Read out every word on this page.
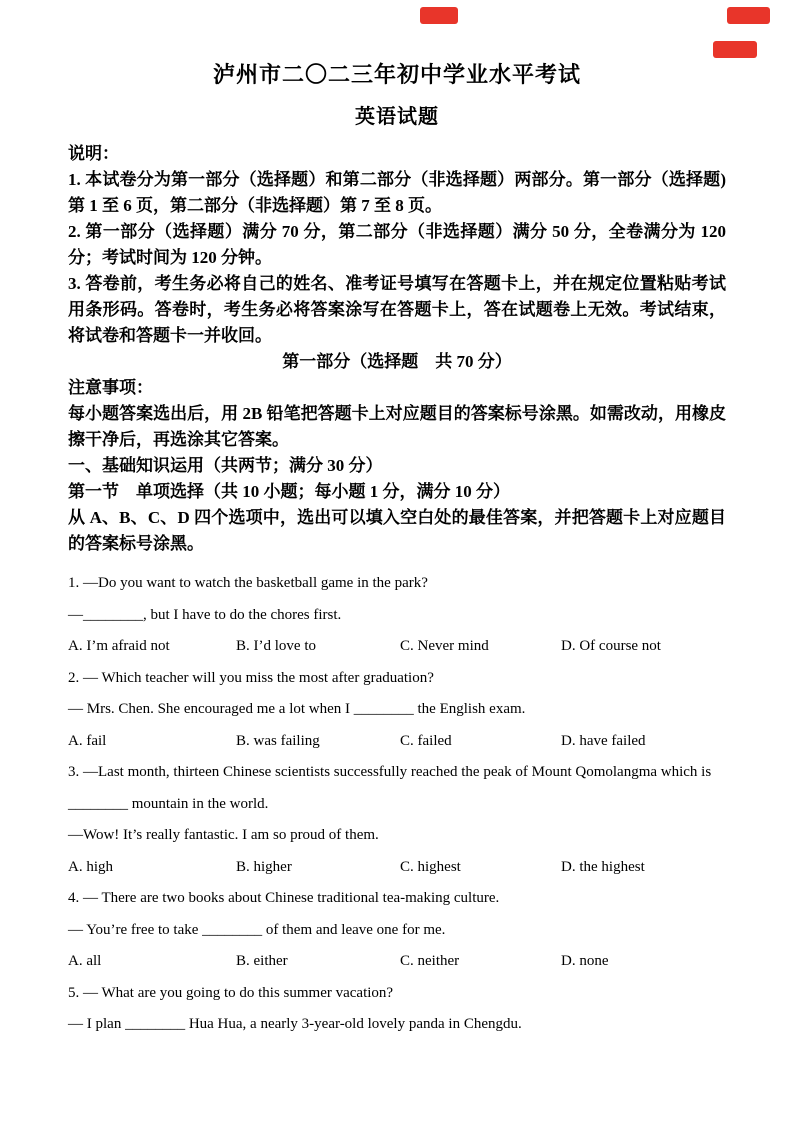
泸州市二〇二三年初中学业水平考试
英语试题
说明：
1. 本试卷分为第一部分（选择题）和第二部分（非选择题）两部分。第一部分（选择题)第 1 至 6 页，第二部分（非选择题）第 7 至 8 页。
2. 第一部分（选择题）满分 70 分，第二部分（非选择题）满分 50 分，全卷满分为 120 分；考试时间为 120 分钟。
3. 答卷前，考生务必将自己的姓名、准考证号填写在答题卡上，并在规定位置粘贴考试用条形码。答卷时，考生务必将答案涂写在答题卡上，答在试题卷上无效。考试结束，将试卷和答题卡一并收回。
第一部分（选择题　共 70 分）
注意事项：
每小题答案选出后，用 2B 铅笔把答题卡上对应题目的答案标号涂黑。如需改动，用橡皮擦干净后，再选涂其它答案。
一、基础知识运用（共两节；满分 30 分）
第一节　单项选择（共 10 小题；每小题 1 分，满分 10 分）
从 A、B、C、D 四个选项中，选出可以填入空白处的最佳答案，并把答题卡上对应题目的答案标号涂黑。
1. —Do you want to watch the basketball game in the park?
—________, but I have to do the chores first.
A. I’m afraid not	B. I’d love to	C. Never mind	D. Of course not
2. — Which teacher will you miss the most after graduation?
— Mrs. Chen. She encouraged me a lot when I ________ the English exam.
A. fail	B. was failing	C. failed	D. have failed
3. —Last month, thirteen Chinese scientists successfully reached the peak of Mount Qomolangma which is
________ mountain in the world.
—Wow! It’s really fantastic. I am so proud of them.
A. high	B. higher	C. highest	D. the highest
4. — There are two books about Chinese traditional tea-making culture.
— You’re free to take ________ of them and leave one for me.
A. all	B. either	C. neither	D. none
5. — What are you going to do this summer vacation?
— I plan ________ Hua Hua, a nearly 3-year-old lovely panda in Chengdu.
